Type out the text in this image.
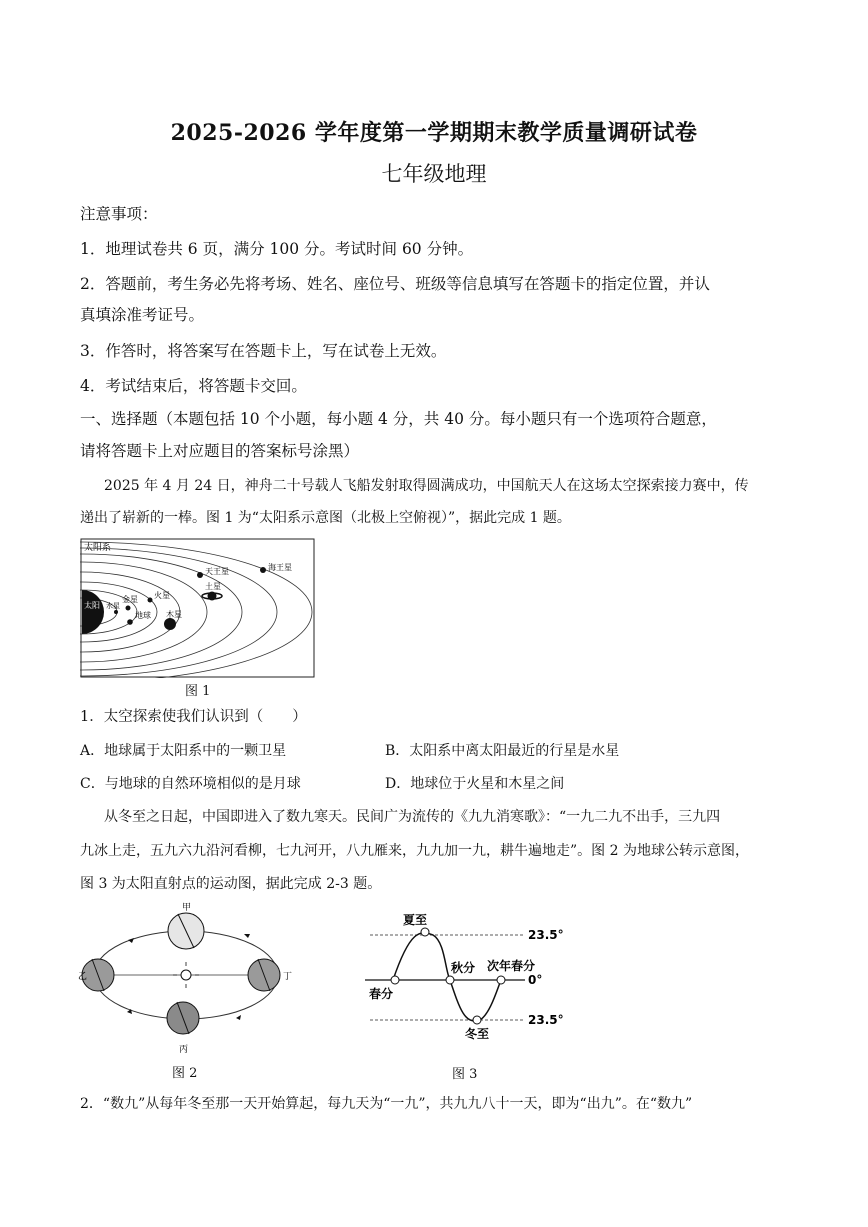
2025-2026 学年度第一学期期末教学质量调研试卷
七年级地理
注意事项：
1．地理试卷共 6 页，满分 100 分。考试时间 60 分钟。
2．答题前，考生务必先将考场、姓名、座位号、班级等信息填写在答题卡的指定位置，并认
真填涂准考证号。
3．作答时，将答案写在答题卡上，写在试卷上无效。
4．考试结束后，将答题卡交回。
一、选择题（本题包括 10 个小题，每小题 4 分，共 40 分。每小题只有一个选项符合题意，
请将答题卡上对应题目的答案标号涂黑）
2025 年 4 月 24 日，神舟二十号载人飞船发射取得圆满成功，中国航天人在这场太空探索接力赛中，传
递出了崭新的一棒。图 1 为“太阳系示意图（北极上空俯视）”，据此完成 1 题。
太阳系
太阳 水星
金星
地球
火星
木星
土星
天王星	海王星
图 1
1．太空探索使我们认识到（　　）
A．地球属于太阳系中的一颗卫星	B．太阳系中离太阳最近的行星是水星
C．与地球的自然环境相似的是月球	D．地球位于火星和木星之间
从冬至之日起，中国即进入了数九寒天。民间广为流传的《九九消寒歌》：“一九二九不出手，三九四
九冰上走，五九六九沿河看柳，七九河开，八九雁来，九九加一九，耕牛遍地走”。图 2 为地球公转示意图，
图 3 为太阳直射点的运动图，据此完成 2-3 题。
甲
乙
丙
丁
图 2
夏至
秋分 次年春分
春分
冬至
23.5°
0°
23.5°
图 3
2．“数九”从每年冬至那一天开始算起，每九天为“一九”，共九九八十一天，即为“出九”。在“数九”
